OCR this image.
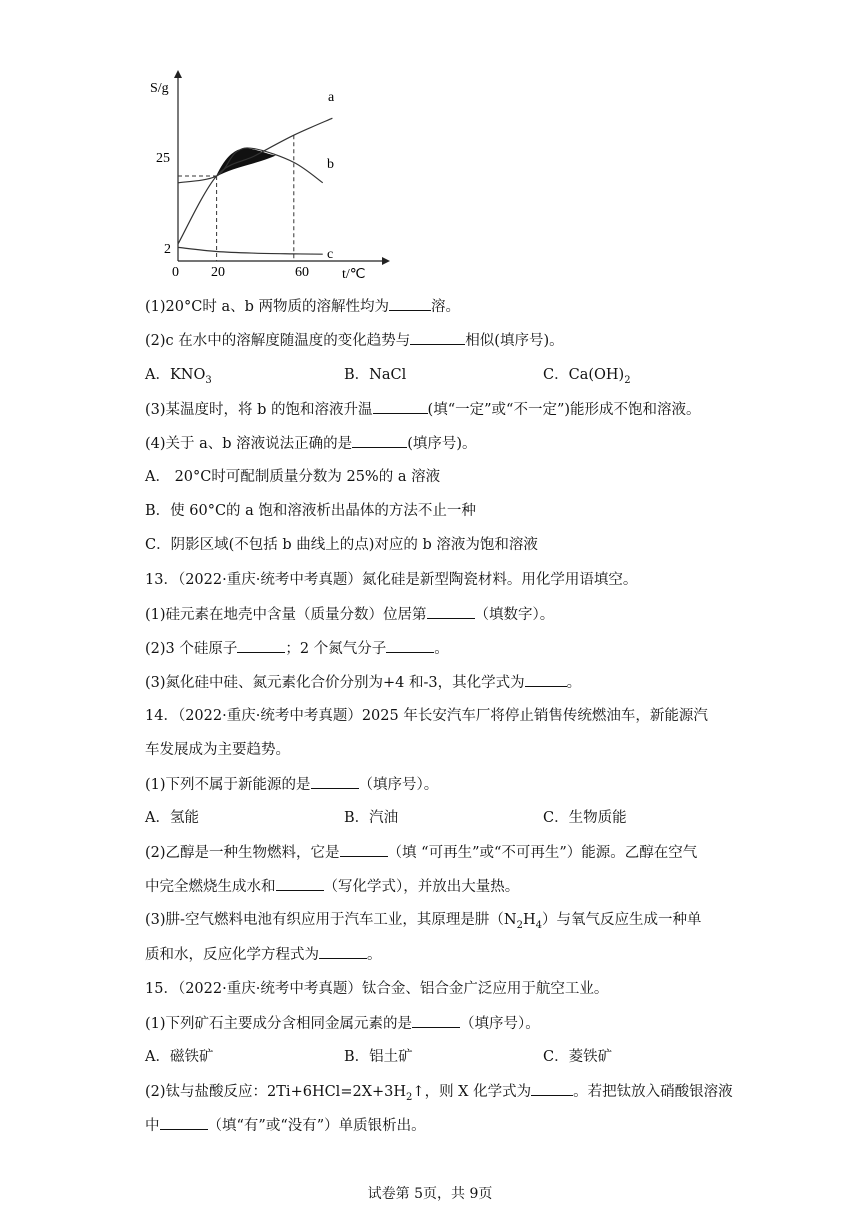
S/g
t/℃
25
2
0 20	60
a
b
c
(1)20°C时 a、b 两物质的溶解性均为	溶。
(2)c 在水中的溶解度随温度的变化趋势与	相似(填序号)。
A．$KNO_3$	B．NaCl	C．$Ca(OH)_2$
(3)某温度时，将 b 的饱和溶液升温	(填“一定”或“不一定”)能形成不饱和溶液。
(4)关于 a、b 溶液说法正确的是	(填序号)。
A． 20°C时可配制质量分数为 25%的 a 溶液
B．使 60°C的 a 饱和溶液析出晶体的方法不止一种
C．阴影区域(不包括 b 曲线上的点)对应的 b 溶液为饱和溶液
13．（2022·重庆·统考中考真题）氮化硅是新型陶瓷材料。用化学用语填空。
(1)硅元素在地壳中含量（质量分数）位居第	（填数字）。
(2)3 个硅原子	；2 个氮气分子	。
(3)氮化硅中硅、氮元素化合价分别为+4 和-3，其化学式为	。
14．（2022·重庆·统考中考真题）2025 年长安汽车厂将停止销售传统燃油车，新能源汽
车发展成为主要趋势。
(1)下列不属于新能源的是	（填序号）。
A．氢能	B．汽油	C．生物质能
(2)乙醇是一种生物燃料，它是	（填 “可再生”或“不可再生”）能源。乙醇在空气
中完全燃烧生成水和	（写化学式），并放出大量热。
(3)肼-空气燃料电池有织应用于汽车工业，其原理是肼$(N_2H_4)$与氧气反应生成一种单
质和水，反应化学方程式为	。
15．（2022·重庆·统考中考真题）钛合金、铝合金广泛应用于航空工业。
(1)下列矿石主要成分含相同金属元素的是	（填序号）。
A．磁铁矿	B．铝土矿	C．菱铁矿
(2)钛与盐酸反应：$2Ti+6HCl=2X+3H_2↑$，则 X 化学式为	。若把钛放入硝酸银溶液
中	（填“有”或“没有”）单质银析出。
试卷第 5页，共 9页
